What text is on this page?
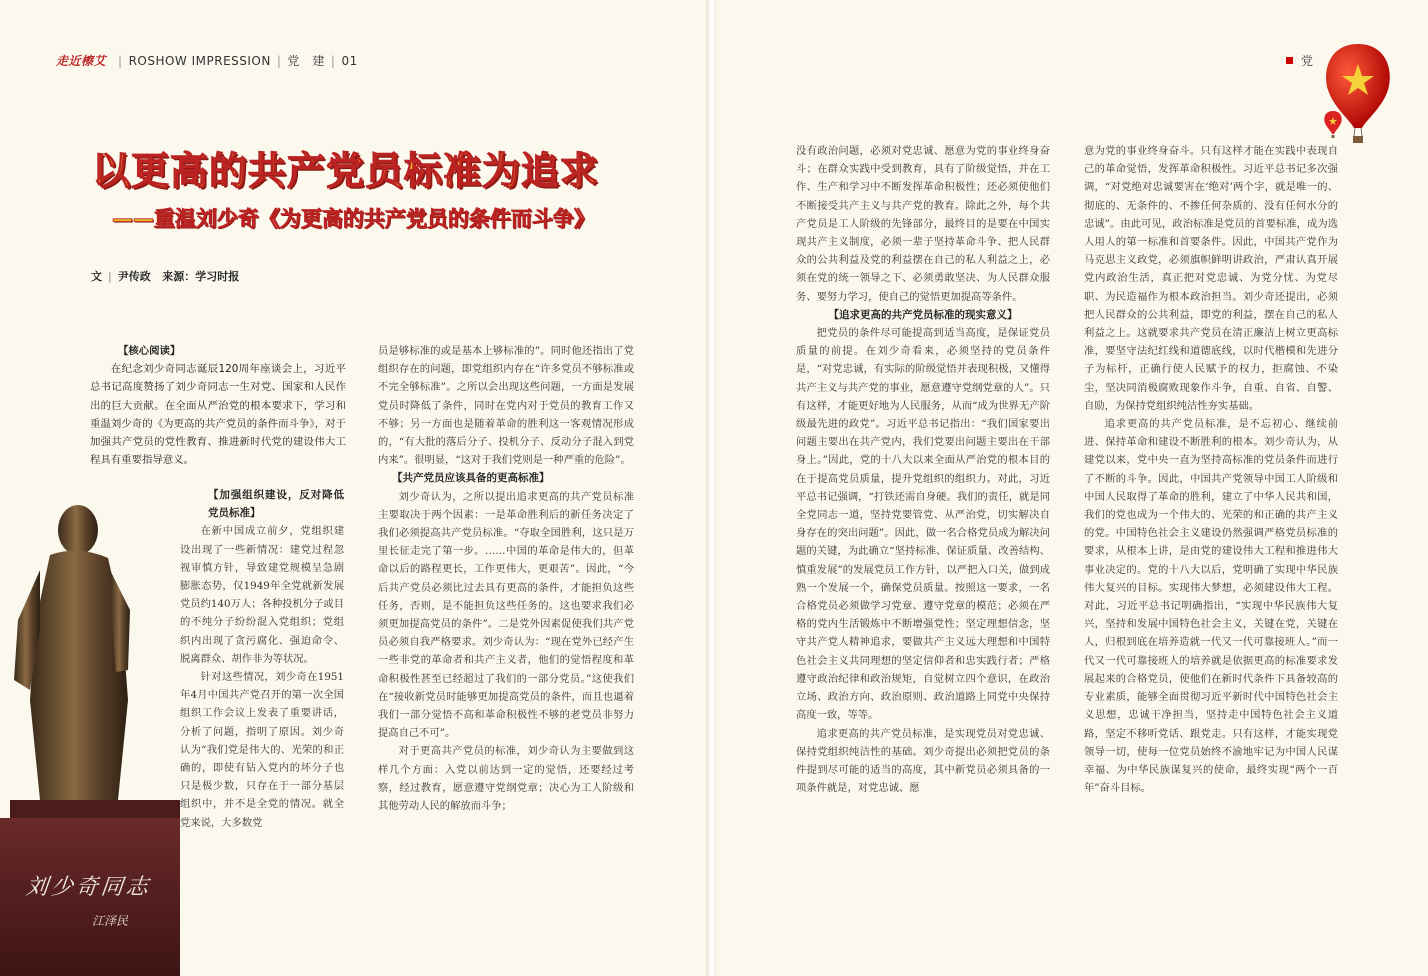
走近檫艾 | ROSHOW IMPRESSION | 党　建 | 01
以更高的共产党员标准为追求
——重温刘少奇《为更高的共产党员的条件而斗争》
文 | 尹传政 来源：学习时报
【核心阅读】

在纪念刘少奇同志诞辰120周年座谈会上，习近平总书记高度赞扬了刘少奇同志一生对党、国家和人民作出的巨大贡献。在全面从严治党的根本要求下，学习和重温刘少奇的《为更高的共产党员的条件而斗争》，对于加强共产党员的党性教育、推进新时代党的建设伟大工程具有重要指导意义。

刘少奇同志
江泽民

【加强组织建设，反对降低党员标准】

在新中国成立前夕，党组织建设出现了一些新情况：建党过程忽视审慎方针，导致建党规模呈急剧膨胀态势，仅1949年全党就新发展党员约140万人；各种投机分子或目的不纯分子纷纷混入党组织；党组织内出现了贪污腐化、强迫命令、脱离群众、胡作非为等状况。

针对这些情况，刘少奇在1951年4月中国共产党召开的第一次全国组织工作会议上发表了重要讲话，分析了问题，指明了原因。刘少奇认为“我们党是伟大的、光荣的和正确的，即使有钻入党内的坏分子也只是极少数，只存在于一部分基层组织中，并不是全党的情况。就全党来说，大多数党

员是够标准的或是基本上够标准的”。同时他还指出了党组织存在的问题，即党组织内存在“许多党员不够标准或不完全够标准”。之所以会出现这些问题，一方面是发展党员时降低了条件，同时在党内对于党员的教育工作又不够；另一方面也是随着革命的胜利这一客观情况形成的，“有大批的落后分子、投机分子、反动分子混入到党内来”。很明显，“这对于我们党则是一种严重的危险”。

【共产党员应该具备的更高标准】

刘少奇认为，之所以提出追求更高的共产党员标准主要取决于两个因素：一是革命胜利后的新任务决定了我们必须提高共产党员标准。“夺取全国胜利，这只是万里长征走完了第一步。……中国的革命是伟大的，但革命以后的路程更长，工作更伟大，更艰苦”。因此，“今后共产党员必须比过去具有更高的条件，才能担负这些任务，否则，是不能担负这些任务的。这也要求我们必须更加提高党员的条件”。二是党外因素促使我们共产党员必须自我严格要求。刘少奇认为：“现在党外已经产生一些非党的革命者和共产主义者，他们的觉悟程度和革命积极性甚至已经超过了我们的一部分党员。”这使我们在“接收新党员时能够更加提高党员的条件，而且也逼着我们一部分觉悟不高和革命积极性不够的老党员非努力提高自己不可”。

对于更高共产党员的标准，刘少奇认为主要做到这样几个方面：入党以前达到一定的觉悟，还要经过考察，经过教育，愿意遵守党纲党章；决心为工人阶级和其他劳动人民的解放而斗争；

党

没有政治问题，必须对党忠诚、愿意为党的事业终身奋斗；在群众实践中受到教育，具有了阶级觉悟，并在工作、生产和学习中不断发挥革命积极性；还必须使他们不断接受共产主义与共产党的教育。除此之外，每个共产党员是工人阶级的先锋部分，最终目的是要在中国实现共产主义制度，必须一辈子坚持革命斗争、把人民群众的公共利益及党的利益摆在自己的私人利益之上，必须在党的统一领导之下、必须勇敢坚决、为人民群众服务、要努力学习，使自己的觉悟更加提高等条件。

【追求更高的共产党员标准的现实意义】

把党员的条件尽可能提高到适当高度，是保证党员质量的前提。在刘少奇看来，必须坚持的党员条件是，“对党忠诚，有实际的阶级觉悟并表现积极，又懂得共产主义与共产党的事业，愿意遵守党纲党章的人”。只有这样，才能更好地为人民服务，从而“成为世界无产阶级最先进的政党”。习近平总书记指出：“我们国家要出问题主要出在共产党内，我们党要出问题主要出在干部身上。”因此，党的十八大以来全面从严治党的根本目的在于提高党员质量，提升党组织的组织力。对此，习近平总书记强调，“打铁还需自身硬。我们的责任，就是同全党同志一道，坚持党要管党、从严治党，切实解决自身存在的突出问题”。因此，做一名合格党员成为解决问题的关键，为此确立“坚持标准、保证质量、改善结构、慎重发展”的发展党员工作方针，以严把入口关，做到成熟一个发展一个，确保党员质量。按照这一要求，一名合格党员必须做学习党章、遵守党章的模范；必须在严格的党内生活锻炼中不断增强党性；坚定理想信念，坚守共产党人精神追求，要做共产主义远大理想和中国特色社会主义共同理想的坚定信仰者和忠实践行者；严格遵守政治纪律和政治规矩，自觉树立四个意识，在政治立场、政治方向、政治原则、政治道路上同党中央保持高度一致，等等。

追求更高的共产党员标准，是实现党员对党忠诚、保持党组织纯洁性的基础。刘少奇提出必须把党员的条件提到尽可能的适当的高度，其中新党员必须具备的一项条件就是，对党忠诚、愿

意为党的事业终身奋斗。只有这样才能在实践中表现自己的革命觉悟，发挥革命积极性。习近平总书记多次强调，“对党绝对忠诚要害在‘绝对’两个字，就是唯一的、彻底的、无条件的、不掺任何杂质的、没有任何水分的忠诚”。由此可见，政治标准是党员的首要标准，成为选人用人的第一标准和首要条件。因此，中国共产党作为马克思主义政党，必须旗帜鲜明讲政治，严肃认真开展党内政治生活，真正把对党忠诚、为党分忧、为党尽职、为民造福作为根本政治担当。刘少奇还提出，必须把人民群众的公共利益，即党的利益，摆在自己的私人利益之上。这就要求共产党员在清正廉洁上树立更高标准，要坚守法纪红线和道德底线，以时代楷模和先进分子为标杆，正确行使人民赋予的权力，拒腐蚀、不染尘，坚决同消极腐败现象作斗争，自重、自省、自警、自励，为保持党组织纯洁性夯实基础。

追求更高的共产党员标准，是不忘初心、继续前进、保持革命和建设不断胜利的根本。刘少奇认为，从建党以来，党中央一直为坚持高标准的党员条件而进行了不断的斗争。因此，中国共产党领导中国工人阶级和中国人民取得了革命的胜利，建立了中华人民共和国，我们的党也成为一个伟大的、光荣的和正确的共产主义的党。中国特色社会主义建设仍然强调严格党员标准的要求，从根本上讲，是由党的建设伟大工程和推进伟大事业决定的。党的十八大以后，党明确了实现中华民族伟大复兴的目标。实现伟大梦想，必须建设伟大工程。对此，习近平总书记明确指出，“实现中华民族伟大复兴，坚持和发展中国特色社会主义，关键在党，关键在人，归根到底在培养造就一代又一代可靠接班人。”而一代又一代可靠接班人的培养就是依据更高的标准要求发展起来的合格党员，使他们在新时代条件下具备较高的专业素质，能够全面贯彻习近平新时代中国特色社会主义思想，忠诚干净担当，坚持走中国特色社会主义道路，坚定不移听党话、跟党走。只有这样，才能实现党领导一切，使每一位党员始终不渝地牢记为中国人民谋幸福、为中华民族谋复兴的使命，最终实现“两个一百年”奋斗目标。
